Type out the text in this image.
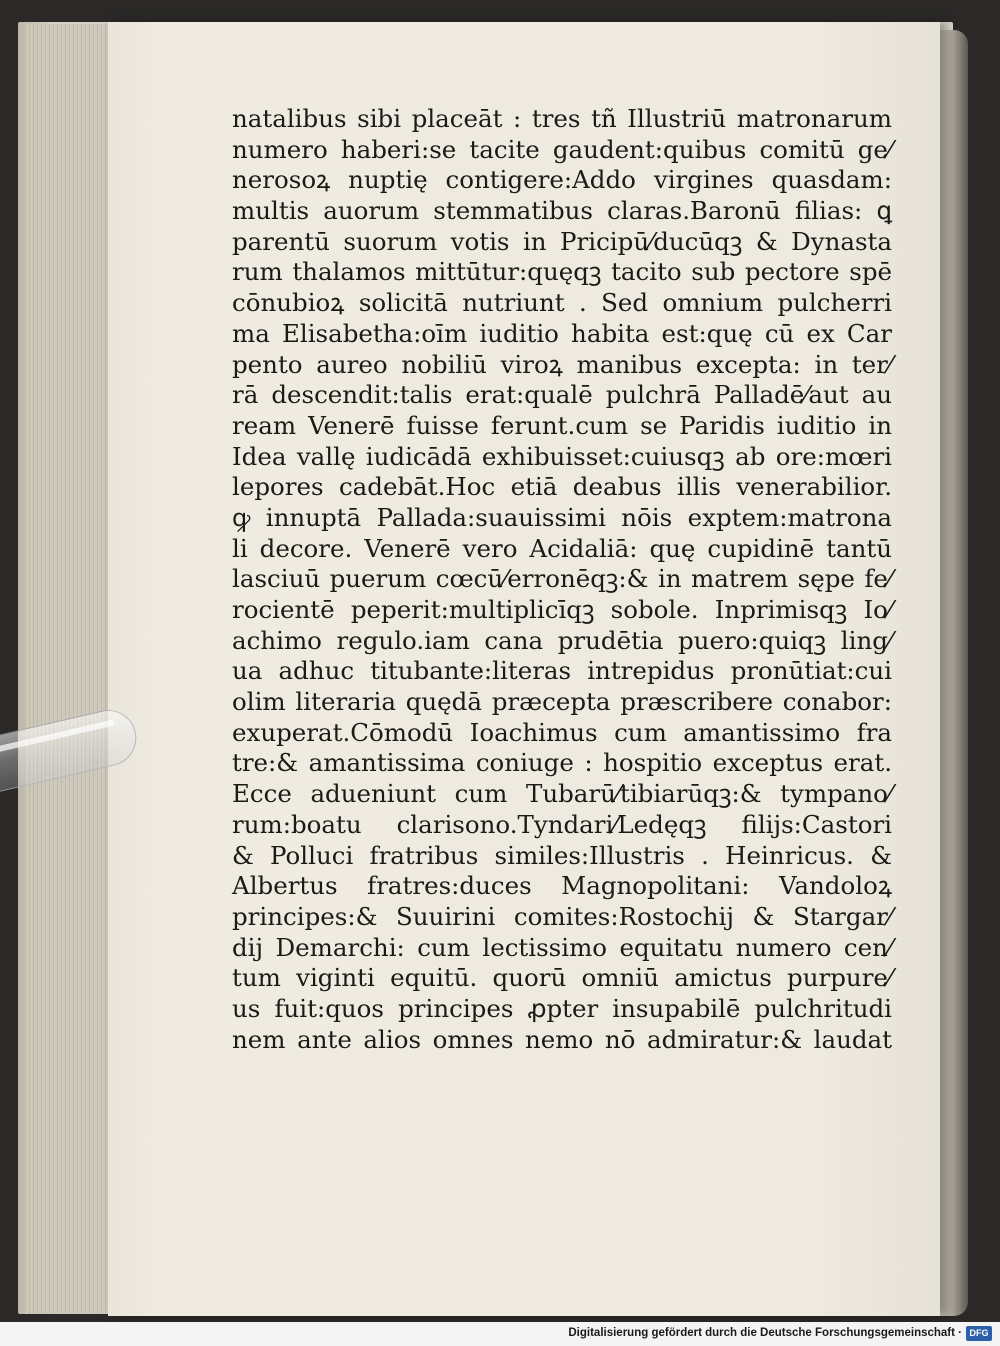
natalibus sibi placeāt : tres tñ Illustriū matronarum
numero haberi:se tacite gaudent:quibus comitū ge⁄
nerosoꝝ nuptię contigere:Addo virgines quasdam:
multis auorum stemmatibus claras.Baronū filias: ꝗ
parentū suorum votis in Pricipū⁄ducūqꝫ & Dynasta
rum thalamos mittūtur:quęqꝫ tacito sub pectore spē
cōnubioꝝ solicitā nutriunt . Sed omnium pulcherri
ma Elisabetha:oīm iuditio habita est:quę cū ex Car
pento aureo nobiliū viroꝝ manibus excepta: in ter⁄
rā descendit:talis erat:qualē pulchrā Palladē⁄aut au
ream Venerē fuisse ferunt.cum se Paridis iuditio in
Idea vallę iudicādā exhibuisset:cuiusqꝫ ab ore:mœri
lepores cadebāt.Hoc etiā deabus illis venerabilior.
ꝙ innuptā Pallada:suauissimi nōis exptem:matrona
li decore. Venerē vero Acidaliā: quę cupidinē tantū
lasciuū puerum cœcū⁄erronēqꝫ:& in matrem sępe fe⁄
rocientē peperit:multiplicīqꝫ sobole. Inprimisqꝫ Io⁄
achimo regulo.iam cana prudētia puero:quiqꝫ ling⁄
ua adhuc titubante:literas intrepidus pronūtiat:cui
olim literaria quędā præcepta præscribere conabor:
exuperat.Cōmodū Ioachimus cum amantissimo fra
tre:& amantissima coniuge : hospitio exceptus erat.
Ecce adueniunt cum Tubarū⁄tibiarūqꝫ:& tympano⁄
rum:boatu clarisono.Tyndari⁄Ledęqꝫ filijs:Castori
& Polluci fratribus similes:Illustris . Heinricus. &
Albertus fratres:duces Magnopolitani: Vandoloꝝ
principes:& Suuirini comites:Rostochij & Stargar⁄
dij Demarchi: cum lectissimo equitatu numero cen⁄
tum viginti equitū. quorū omniū amictus purpure⁄
us fuit:quos principes ꝓpter insupabilē pulchritudi
nem ante alios omnes nemo nō admiratur:& laudat
Digitalisierung gefördert durch die Deutsche Forschungsgemeinschaft · DFG
